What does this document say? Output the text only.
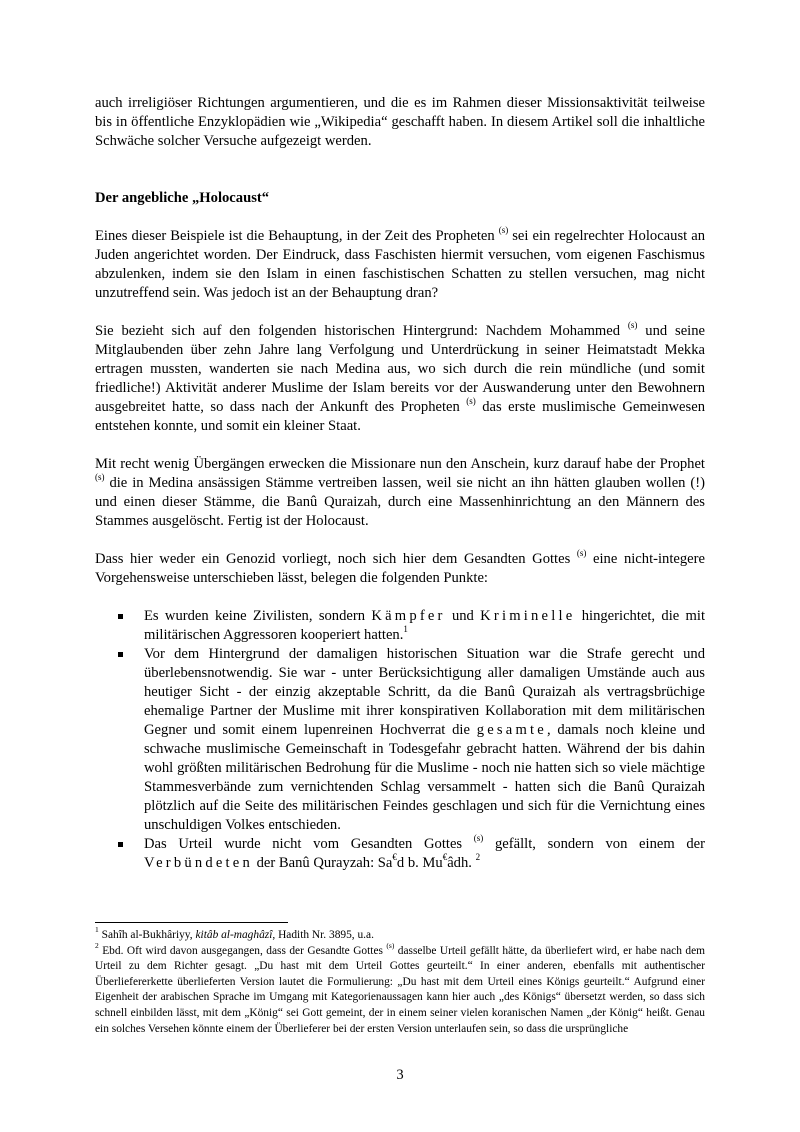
auch irreligiöser Richtungen argumentieren, und die es im Rahmen dieser Missionsaktivität teilweise bis in öffentliche Enzyklopädien wie „Wikipedia“ geschafft haben. In diesem Artikel soll die inhaltliche Schwäche solcher Versuche aufgezeigt werden.

Der angebliche „Holocaust“

Eines dieser Beispiele ist die Behauptung, in der Zeit des Propheten $^{(s)}$ sei ein regelrechter Holocaust an Juden angerichtet worden. Der Eindruck, dass Faschisten hiermit versuchen, vom eigenen Faschismus abzulenken, indem sie den Islam in einen faschistischen Schatten zu stellen versuchen, mag nicht unzutreffend sein. Was jedoch ist an der Behauptung dran?

Sie bezieht sich auf den folgenden historischen Hintergrund: Nachdem Mohammed $^{(s)}$ und seine Mitglaubenden über zehn Jahre lang Verfolgung und Unterdrückung in seiner Heimatstadt Mekka ertragen mussten, wanderten sie nach Medina aus, wo sich durch die rein mündliche (und somit friedliche!) Aktivität anderer Muslime der Islam bereits vor der Auswanderung unter den Bewohnern ausgebreitet hatte, so dass nach der Ankunft des Propheten $^{(s)}$ das erste muslimische Gemeinwesen entstehen konnte, und somit ein kleiner Staat.

Mit recht wenig Übergängen erwecken die Missionare nun den Anschein, kurz darauf habe der Prophet $^{(s)}$ die in Medina ansässigen Stämme vertreiben lassen, weil sie nicht an ihn hätten glauben wollen (!) und einen dieser Stämme, die Banû Quraizah, durch eine Massenhinrichtung an den Männern des Stammes ausgelöscht. Fertig ist der Holocaust.

Dass hier weder ein Genozid vorliegt, noch sich hier dem Gesandten Gottes $^{(s)}$ eine nicht-integere Vorgehensweise unterschieben lässt, belegen die folgenden Punkte:

Es wurden keine Zivilisten, sondern Kämpfer und Kriminelle hingerichtet, die mit militärischen Aggressoren kooperiert hatten.$^1$
Vor dem Hintergrund der damaligen historischen Situation war die Strafe gerecht und überlebensnotwendig. Sie war - unter Berücksichtigung aller damaligen Umstände auch aus heutiger Sicht - der einzig akzeptable Schritt, da die Banû Quraizah als vertragsbrüchige ehemalige Partner der Muslime mit ihrer konspirativen Kollaboration mit dem militärischen Gegner und somit einem lupenreinen Hochverrat die gesamte, damals noch kleine und schwache muslimische Gemeinschaft in Todesgefahr gebracht hatten. Während der bis dahin wohl größten militärischen Bedrohung für die Muslime - noch nie hatten sich so viele mächtige Stammesverbände zum vernichtenden Schlag versammelt - hatten sich die Banû Quraizah plötzlich auf die Seite des militärischen Feindes geschlagen und sich für die Vernichtung eines unschuldigen Volkes entschieden.
Das Urteil wurde nicht vom Gesandten Gottes $^{(s)}$ gefällt, sondern von einem der Verbündeten der Banû Qurayzah: Sa€d b. Mu€âdh. $^2$

$^1$ Sahîh al-Bukhâriyy, kitâb al-maghâzî, Hadith Nr. 3895, u.a.

$^2$ Ebd. Oft wird davon ausgegangen, dass der Gesandte Gottes $^{(s)}$ dasselbe Urteil gefällt hätte, da überliefert wird, er habe nach dem Urteil zu dem Richter gesagt. „Du hast mit dem Urteil Gottes geurteilt.“ In einer anderen, ebenfalls mit authentischer Überliefererkette überlieferten Version lautet die Formulierung: „Du hast mit dem Urteil eines Königs geurteilt.“ Aufgrund einer Eigenheit der arabischen Sprache im Umgang mit Kategorienaussagen kann hier auch „des Königs“ übersetzt werden, so dass sich schnell einbilden lässt, mit dem „König“ sei Gott gemeint, der in einem seiner vielen koranischen Namen „der König“ heißt. Genau ein solches Versehen könnte einem der Überlieferer bei der ersten Version unterlaufen sein, so dass die ursprüngliche

3
